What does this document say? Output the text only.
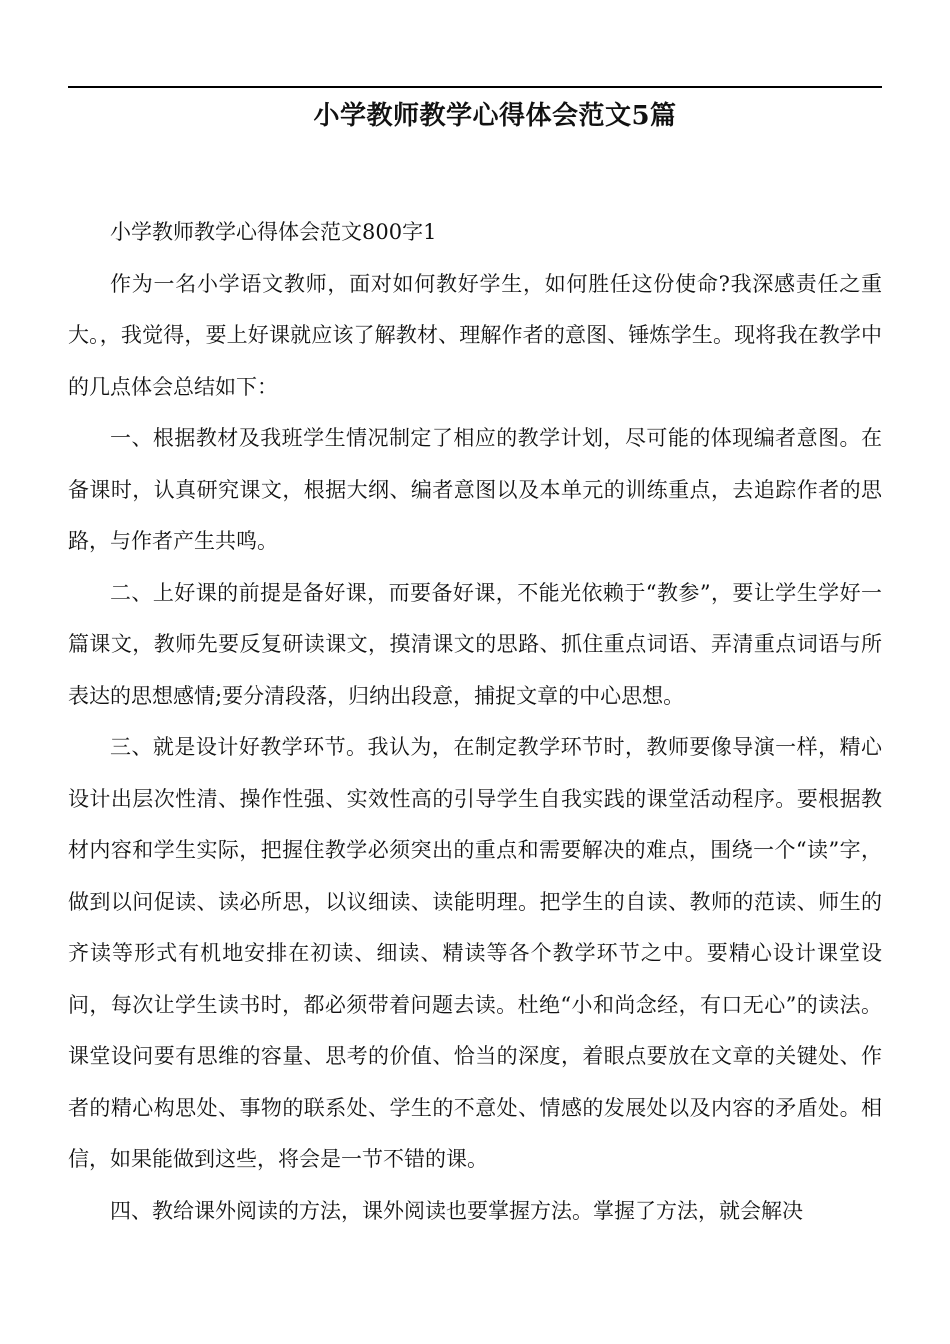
小学教师教学心得体会范文5篇

小学教师教学心得体会范文800字1

作为一名小学语文教师，面对如何教好学生，如何胜任这份使命?我深感责任之重大。，我觉得，要上好课就应该了解教材、理解作者的意图、锤炼学生。现将我在教学中的几点体会总结如下：

一、根据教材及我班学生情况制定了相应的教学计划，尽可能的体现编者意图。在备课时，认真研究课文，根据大纲、编者意图以及本单元的训练重点，去追踪作者的思路，与作者产生共鸣。

二、上好课的前提是备好课，而要备好课，不能光依赖于“教参”，要让学生学好一篇课文，教师先要反复研读课文，摸清课文的思路、抓住重点词语、弄清重点词语与所表达的思想感情;要分清段落，归纳出段意，捕捉文章的中心思想。

三、就是设计好教学环节。我认为，在制定教学环节时，教师要像导演一样，精心设计出层次性清、操作性强、实效性高的引导学生自我实践的课堂活动程序。要根据教材内容和学生实际，把握住教学必须突出的重点和需要解决的难点，围绕一个“读”字，做到以问促读、读必所思，以议细读、读能明理。把学生的自读、教师的范读、师生的齐读等形式有机地安排在初读、细读、精读等各个教学环节之中。要精心设计课堂设问，每次让学生读书时，都必须带着问题去读。杜绝“小和尚念经，有口无心”的读法。课堂设问要有思维的容量、思考的价值、恰当的深度，着眼点要放在文章的关键处、作者的精心构思处、事物的联系处、学生的不意处、情感的发展处以及内容的矛盾处。相信，如果能做到这些，将会是一节不错的课。

四、教给课外阅读的方法，课外阅读也要掌握方法。掌握了方法，就会解决
